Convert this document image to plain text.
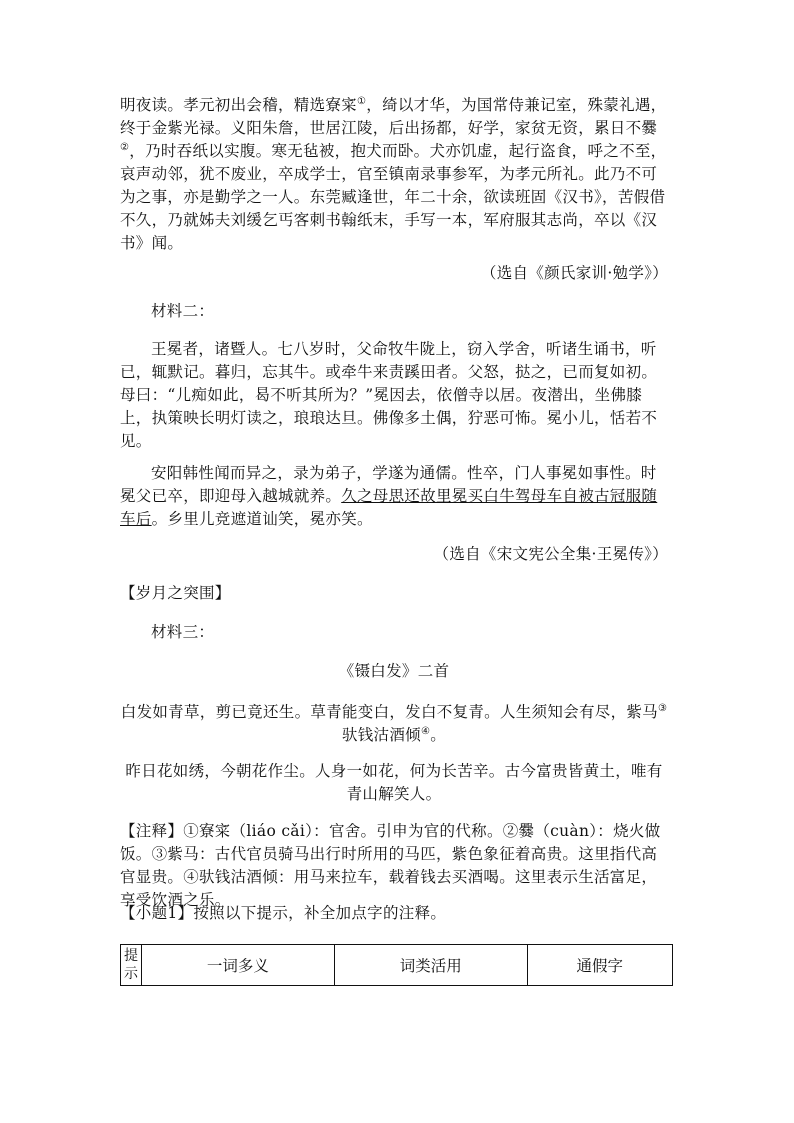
明夜读。孝元初出会稽，精选寮寀①，绮以才华，为国常侍兼记室，殊蒙礼遇，终于金紫光禄。义阳朱詹，世居江陵，后出扬都，好学，家贫无资，累日不爨②，乃时吞纸以实腹。寒无毡被，抱犬而卧。犬亦饥虚，起行盗食，呼之不至，哀声动邻，犹不废业，卒成学士，官至镇南录事参军，为孝元所礼。此乃不可为之事，亦是勤学之一人。东莞臧逢世，年二十余，欲读班固《汉书》，苦假借不久，乃就姊夫刘缓乞丐客刺书翰纸末，手写一本，军府服其志尚，卒以《汉书》闻。
（选自《颜氏家训·勉学》）
材料二：
王冕者，诸暨人。七八岁时，父命牧牛陇上，窃入学舍，听诸生诵书，听已，辄默记。暮归，忘其牛。或牵牛来责蹊田者。父怒，挞之，已而复如初。母曰：“儿痴如此，曷不听其所为？”冕因去，依僧寺以居。夜潜出，坐佛膝上，执策映长明灯读之，琅琅达旦。佛像多土偶，狞恶可怖。冕小儿，恬若不见。
安阳韩性闻而异之，录为弟子，学遂为通儒。性卒，门人事冕如事性。时冕父已卒，即迎母入越城就养。久之母思还故里冕买白牛驾母车自被古冠服随车后。乡里儿竞遮道讪笑，冕亦笑。
（选自《宋文宪公全集·王冕传》）
【岁月之突围】
材料三：
《镊白发》二首
白发如青草，剪已竟还生。草青能变白，发白不复青。人生须知会有尽，紫马③驮钱沽酒倾④。
昨日花如绣，今朝花作尘。人身一如花，何为长苦辛。古今富贵皆黄土，唯有青山解笑人。
【注释】①寮寀（liáo cǎi）：官舍。引申为官的代称。②爨（cuàn）：烧火做饭。③紫马：古代官员骑马出行时所用的马匹，紫色象征着高贵。这里指代高官显贵。④驮钱沽酒倾：用马来拉车，载着钱去买酒喝。这里表示生活富足，享受饮酒之乐。
【小题1】按照以下提示，补全加点字的注释。
提示	一词多义	词类活用	通假字
